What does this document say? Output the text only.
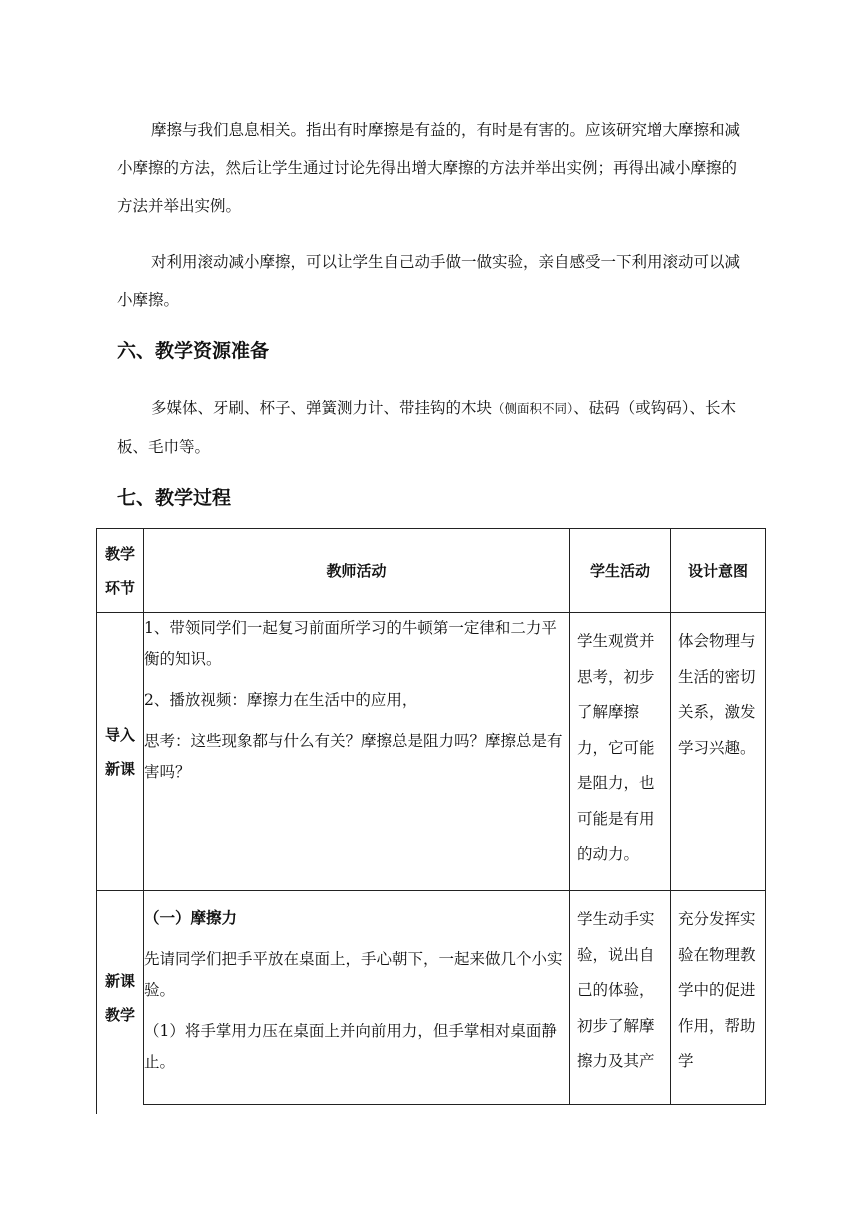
摩擦与我们息息相关。指出有时摩擦是有益的，有时是有害的。应该研究增大摩擦和减小摩擦的方法，然后让学生通过讨论先得出增大摩擦的方法并举出实例；再得出减小摩擦的方法并举出实例。

对利用滚动减小摩擦，可以让学生自己动手做一做实验，亲自感受一下利用滚动可以减小摩擦。

六、教学资源准备

多媒体、牙刷、杯子、弹簧测力计、带挂钩的木块（侧面积不同）、砝码（或钩码）、长木板、毛巾等。

七、教学过程
教学环节	教师活动	学生活动	设计意图
导入新课	1、带领同学们一起复习前面所学习的牛顿第一定律和二力平衡的知识。

2、播放视频：摩擦力在生活中的应用，

思考：这些现象都与什么有关？摩擦总是阻力吗？摩擦总是有害吗？	学生观赏并思考，初步了解摩擦力，它可能是阻力，也可能是有用的动力。	体会物理与生活的密切关系，激发学习兴趣。

新课教学	（一）摩擦力

先请同学们把手平放在桌面上，手心朝下，一起来做几个小实验。

（1）将手掌用力压在桌面上并向前用力，但手掌相对桌面静止。	学生动手实验，说出自己的体验，初步了解摩擦力及其产	充分发挥实验在物理教学中的促进作用，帮助学
